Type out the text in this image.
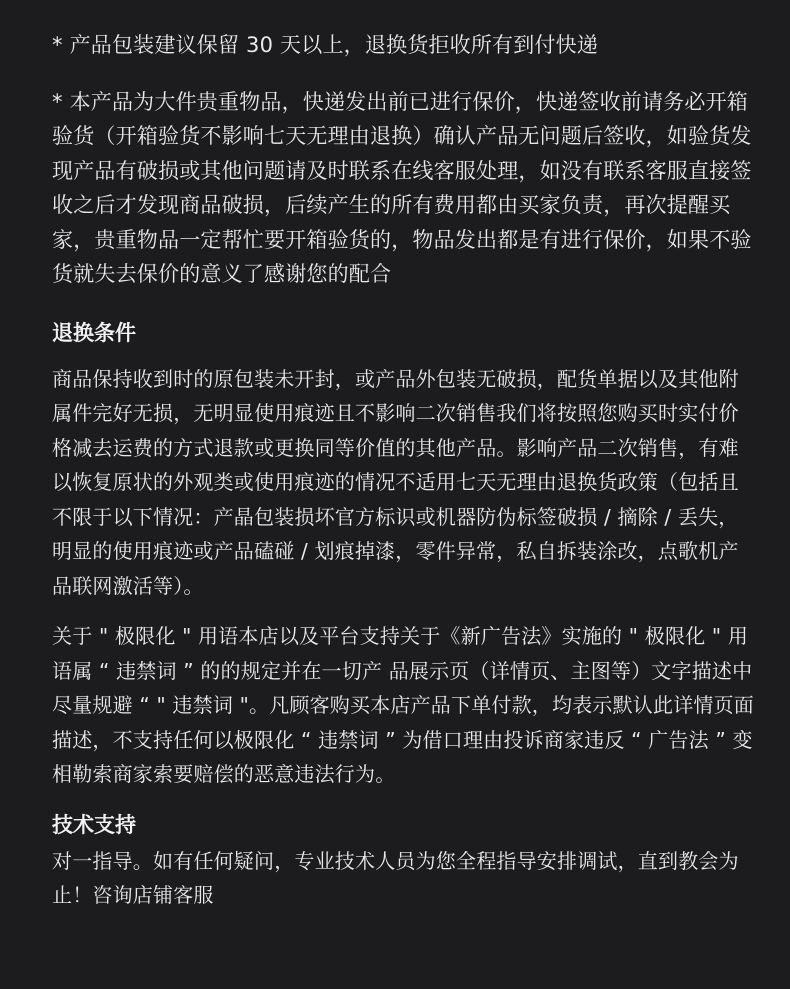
* 产品包装建议保留 30 天以上，退换货拒收所有到付快递

* 本产品为大件贵重物品，快递发出前已进行保价，快递签收前请务必开箱验货（开箱验货不影响七天无理由退换）确认产品无问题后签收，如验货发现产品有破损或其他问题请及时联系在线客服处理，如没有联系客服直接签收之后才发现商品破损，后续产生的所有费用都由买家负责，再次提醒买家，贵重物品一定帮忙要开箱验货的，物品发出都是有进行保价，如果不验货就失去保价的意义了感谢您的配合

退换条件

商品保持收到时的原包装未开封，或产品外包装无破损，配货单据以及其他附属件完好无损，无明显使用痕迹且不影响二次销售我们将按照您购买时实付价格减去运费的方式退款或更换同等价值的其他产品。影响产品二次销售，有难以恢复原状的外观类或使用痕迹的情况不适用七天无理由退换货政策（包括且不限于以下情况：产晶包装损坏官方标识或机器防伪标签破损 / 摘除 / 丢失，明显的使用痕迹或产品磕碰 / 划痕掉漆，零件异常，私自拆装涂改，点歌机产品联网激活等）。

关于 " 极限化 " 用语本店以及平台支持关于《新广告法》实施的 " 极限化 " 用语属 “ 违禁词 ” 的的规定并在一切产 品展示页（详情页、主图等）文字描述中尽量规避 “ " 违禁词 "。凡顾客购买本店产品下单付款，均表示默认此详情页面描述，不支持任何以极限化 “ 违禁词 ” 为借口理由投诉商家违反 “ 广告法 ” 变相勒索商家索要赔偿的恶意违法行为。

技术支持

对一指导。如有任何疑问，专业技术人员为您全程指导安排调试，直到教会为止！咨询店铺客服
